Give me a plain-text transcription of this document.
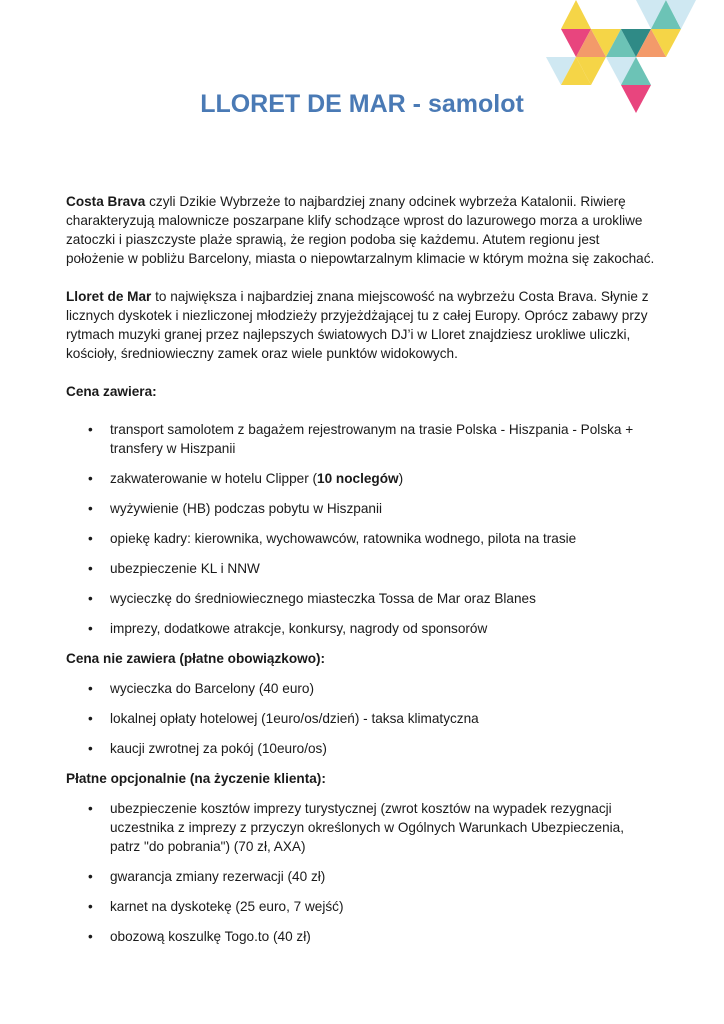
LLORET DE MAR - samolot

Costa Brava czyli Dzikie Wybrzeże to najbardziej znany odcinek wybrzeża Katalonii. Riwierę charakteryzują malownicze poszarpane klify schodzące wprost do lazurowego morza a urokliwe zatoczki i piaszczyste plaże sprawią, że region podoba się każdemu. Atutem regionu jest położenie w pobliżu Barcelony, miasta o niepowtarzalnym klimacie w którym można się zakochać.

Lloret de Mar to największa i najbardziej znana miejscowość na wybrzeżu Costa Brava. Słynie z licznych dyskotek i niezliczonej młodzieży przyjeżdżającej tu z całej Europy. Oprócz zabawy przy rytmach muzyki granej przez najlepszych światowych DJ’i w Lloret znajdziesz urokliwe uliczki, kościoły, średniowieczny zamek oraz wiele punktów widokowych.

Cena zawiera:
• transport samolotem z bagażem rejestrowanym na trasie Polska - Hiszpania - Polska + transfery w Hiszpanii
• zakwaterowanie w hotelu Clipper (10 noclegów)
• wyżywienie (HB) podczas pobytu w Hiszpanii
• opiekę kadry: kierownika, wychowawców, ratownika wodnego, pilota na trasie
• ubezpieczenie KL i NNW
• wycieczkę do średniowiecznego miasteczka Tossa de Mar oraz Blanes
• imprezy, dodatkowe atrakcje, konkursy, nagrody od sponsorów
Cena nie zawiera (płatne obowiązkowo):
• wycieczka do Barcelony (40 euro)
• lokalnej opłaty hotelowej (1euro/os/dzień) - taksa klimatyczna
• kaucji zwrotnej za pokój (10euro/os)
Płatne opcjonalnie (na życzenie klienta):
• ubezpieczenie kosztów imprezy turystycznej (zwrot kosztów na wypadek rezygnacji uczestnika z imprezy z przyczyn określonych w Ogólnych Warunkach Ubezpieczenia, patrz "do pobrania") (70 zł, AXA)
• gwarancja zmiany rezerwacji (40 zł)
• karnet na dyskotekę (25 euro, 7 wejść)
• obozową koszulkę Togo.to (40 zł)
